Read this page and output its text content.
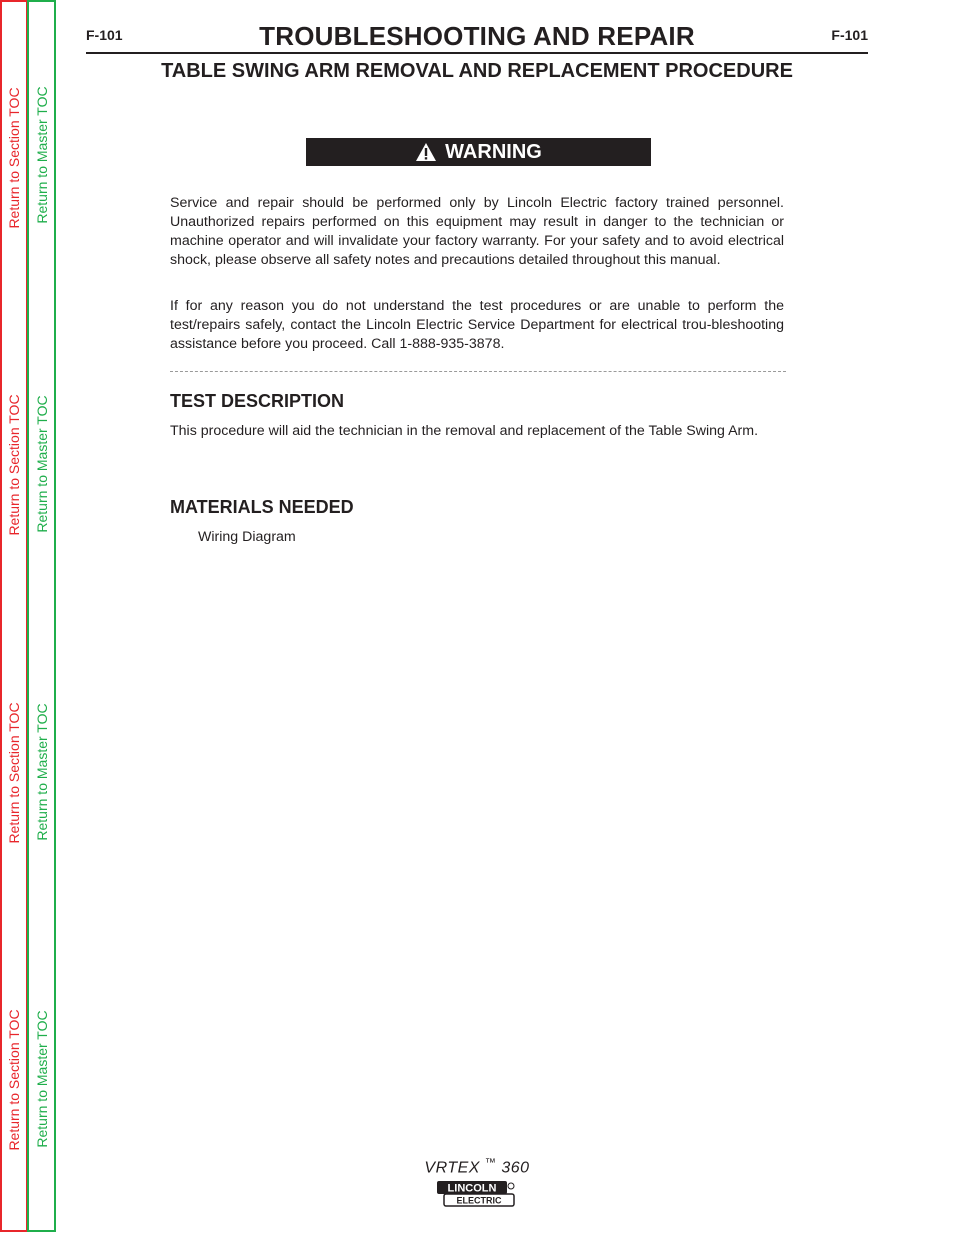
Return to Section TOC
Return to Section TOC
Return to Section TOC
Return to Section TOC
Return to Master TOC
Return to Master TOC
Return to Master TOC
Return to Master TOC
F-101	F-101
TROUBLESHOOTING AND REPAIR
TABLE SWING ARM REMOVAL AND REPLACEMENT PROCEDURE
WARNING

Service and repair should be performed only by Lincoln Electric factory trained personnel. Unauthorized repairs performed on this equipment may result in danger to the technician or machine operator and will invalidate your factory warranty. For your safety and to avoid electrical shock, please observe all safety notes and precautions detailed throughout this manual.

If for any reason you do not understand the test procedures or are unable to perform the test/repairs safely, contact the Lincoln Electric Service Department for electrical trou-bleshooting assistance before you proceed. Call 1-888-935-3878.

TEST DESCRIPTION

This procedure will aid the technician in the removal and replacement of the Table Swing Arm.

MATERIALS NEEDED
Wiring Diagram
VRTEX ™ 360
LINCOLN
ELECTRIC
